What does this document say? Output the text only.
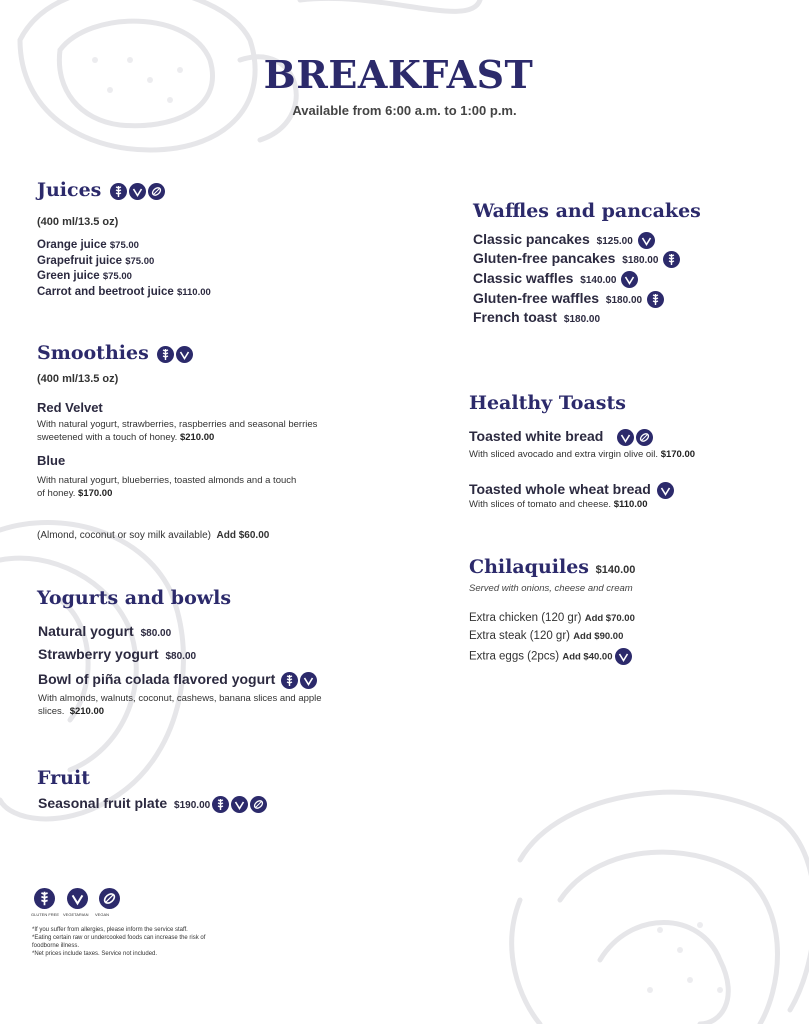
BREAKFAST
Available from 6:00 a.m. to 1:00 p.m.
Juices
(400 ml/13.5 oz)
Orange juice $75.00
Grapefruit juice $75.00
Green juice $75.00
Carrot and beetroot juice $110.00
Smoothies
(400 ml/13.5 oz)
Red Velvet
With natural yogurt, strawberries, raspberries and seasonal berries sweetened with a touch of honey. $210.00
Blue
With natural yogurt, blueberries, toasted almonds and a touch of honey. $170.00
(Almond, coconut or soy milk available) Add $60.00
Yogurts and bowls
Natural yogurt $80.00
Strawberry yogurt $80.00
Bowl of piña colada flavored yogurt
With almonds, walnuts, coconut, cashews, banana slices and apple slices. $210.00
Fruit
Seasonal fruit plate $190.00
Waffles and pancakes
Classic pancakes $125.00
Gluten-free pancakes $180.00
Classic waffles $140.00
Gluten-free waffles $180.00
French toast $180.00
Healthy Toasts
Toasted white bread
With sliced avocado and extra virgin olive oil. $170.00
Toasted whole wheat bread
With slices of tomato and cheese. $110.00
Chilaquiles $140.00
Served with onions, cheese and cream
Extra chicken (120 gr) Add $70.00
Extra steak (120 gr) Add $90.00
Extra eggs (2pcs) Add $40.00

GLUTEN FREE VEGETARIAN VEGAN
*If you suffer from allergies, please inform the service staff.
*Eating certain raw or undercooked foods can increase the risk of
foodborne illness.
*Net prices include taxes. Service not included.
